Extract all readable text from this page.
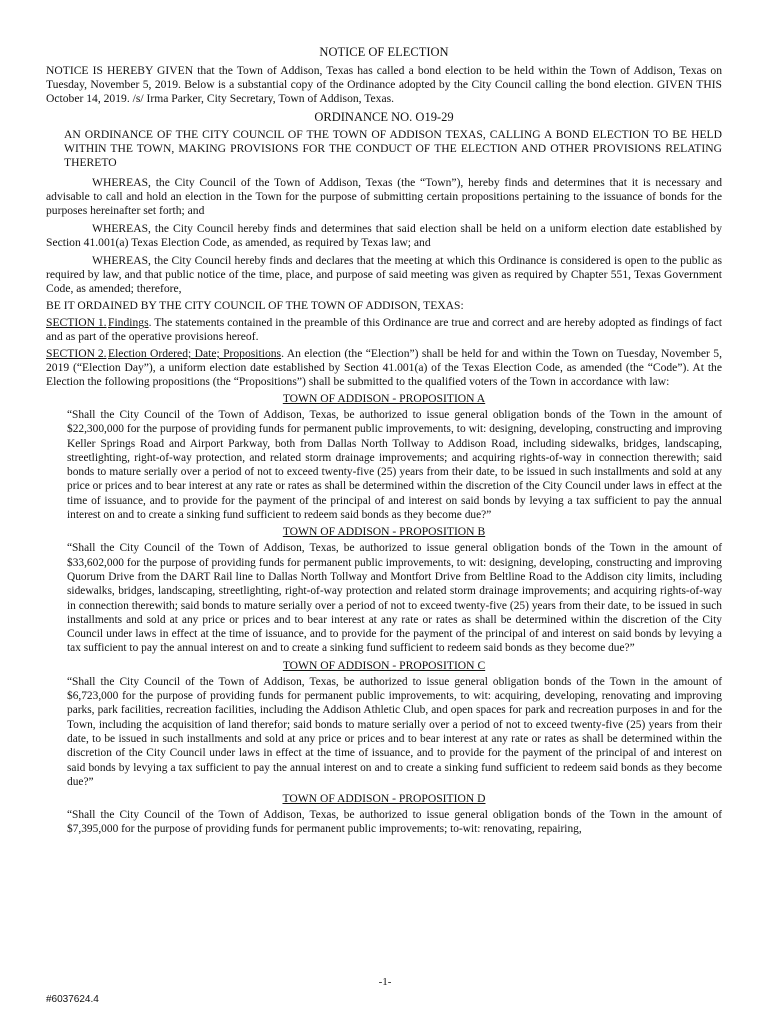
NOTICE OF ELECTION

NOTICE IS HEREBY GIVEN that the Town of Addison, Texas has called a bond election to be held within the Town of Addison, Texas on Tuesday, November 5, 2019. Below is a substantial copy of the Ordinance adopted by the City Council calling the bond election. GIVEN THIS October 14, 2019. /s/ Irma Parker, City Secretary, Town of Addison, Texas.

ORDINANCE NO. O19-29

AN ORDINANCE OF THE CITY COUNCIL OF THE TOWN OF ADDISON TEXAS, CALLING A BOND ELECTION TO BE HELD WITHIN THE TOWN, MAKING PROVISIONS FOR THE CONDUCT OF THE ELECTION AND OTHER PROVISIONS RELATING THERETO

WHEREAS, the City Council of the Town of Addison, Texas (the “Town”), hereby finds and determines that it is necessary and advisable to call and hold an election in the Town for the purpose of submitting certain propositions pertaining to the issuance of bonds for the purposes hereinafter set forth; and

WHEREAS, the City Council hereby finds and determines that said election shall be held on a uniform election date established by Section 41.001(a) Texas Election Code, as amended, as required by Texas law; and

WHEREAS, the City Council hereby finds and declares that the meeting at which this Ordinance is considered is open to the public as required by law, and that public notice of the time, place, and purpose of said meeting was given as required by Chapter 551, Texas Government Code, as amended; therefore,

BE IT ORDAINED BY THE CITY COUNCIL OF THE TOWN OF ADDISON, TEXAS:

SECTION 1.Findings. The statements contained in the preamble of this Ordinance are true and correct and are hereby adopted as findings of fact and as part of the operative provisions hereof.

SECTION 2.Election Ordered; Date; Propositions. An election (the “Election”) shall be held for and within the Town on Tuesday, November 5, 2019 (“Election Day”), a uniform election date established by Section 41.001(a) of the Texas Election Code, as amended (the “Code”). At the Election the following propositions (the “Propositions”) shall be submitted to the qualified voters of the Town in accordance with law:

TOWN OF ADDISON - PROPOSITION A

“Shall the City Council of the Town of Addison, Texas, be authorized to issue general obligation bonds of the Town in the amount of $22,300,000 for the purpose of providing funds for permanent public improvements, to wit: designing, developing, constructing and improving Keller Springs Road and Airport Parkway, both from Dallas North Tollway to Addison Road, including sidewalks, bridges, landscaping, streetlighting, right-of-way protection, and related storm drainage improvements; and acquiring rights-of-way in connection therewith; said bonds to mature serially over a period of not to exceed twenty-five (25) years from their date, to be issued in such installments and sold at any price or prices and to bear interest at any rate or rates as shall be determined within the discretion of the City Council under laws in effect at the time of issuance, and to provide for the payment of the principal of and interest on said bonds by levying a tax sufficient to pay the annual interest on and to create a sinking fund sufficient to redeem said bonds as they become due?”

TOWN OF ADDISON - PROPOSITION B

“Shall the City Council of the Town of Addison, Texas, be authorized to issue general obligation bonds of the Town in the amount of $33,602,000 for the purpose of providing funds for permanent public improvements, to wit: designing, developing, constructing and improving Quorum Drive from the DART Rail line to Dallas North Tollway and Montfort Drive from Beltline Road to the Addison city limits, including sidewalks, bridges, landscaping, streetlighting, right-of-way protection and related storm drainage improvements; and acquiring rights-of-way in connection therewith; said bonds to mature serially over a period of not to exceed twenty-five (25) years from their date, to be issued in such installments and sold at any price or prices and to bear interest at any rate or rates as shall be determined within the discretion of the City Council under laws in effect at the time of issuance, and to provide for the payment of the principal of and interest on said bonds by levying a tax sufficient to pay the annual interest on and to create a sinking fund sufficient to redeem said bonds as they become due?”

TOWN OF ADDISON - PROPOSITION C

“Shall the City Council of the Town of Addison, Texas, be authorized to issue general obligation bonds of the Town in the amount of $6,723,000 for the purpose of providing funds for permanent public improvements, to wit: acquiring, developing, renovating and improving parks, park facilities, recreation facilities, including the Addison Athletic Club, and open spaces for park and recreation purposes in and for the Town, including the acquisition of land therefor; said bonds to mature serially over a period of not to exceed twenty-five (25) years from their date, to be issued in such installments and sold at any price or prices and to bear interest at any rate or rates as shall be determined within the discretion of the City Council under laws in effect at the time of issuance, and to provide for the payment of the principal of and interest on said bonds by levying a tax sufficient to pay the annual interest on and to create a sinking fund sufficient to redeem said bonds as they become due?”

TOWN OF ADDISON - PROPOSITION D

“Shall the City Council of the Town of Addison, Texas, be authorized to issue general obligation bonds of the Town in the amount of $7,395,000 for the purpose of providing funds for permanent public improvements; to-wit: renovating, repairing,

-1-
#6037624.4
